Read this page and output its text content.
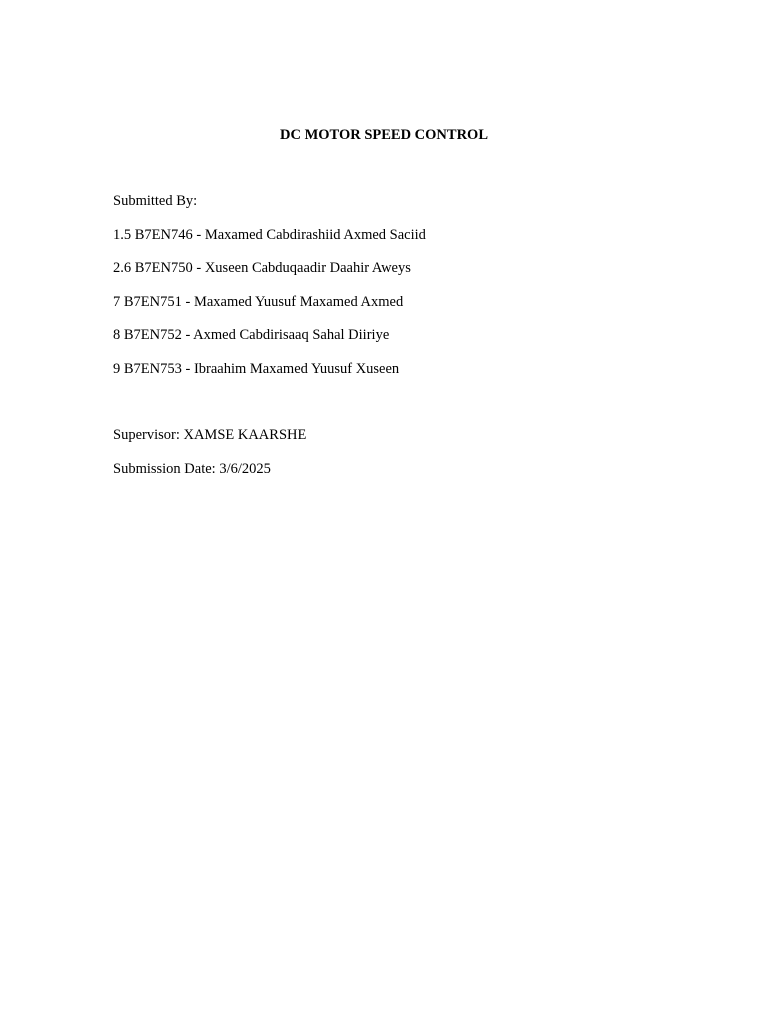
DC MOTOR SPEED CONTROL
Submitted By:
1.5 B7EN746 - Maxamed Cabdirashiid Axmed Saciid
2.6 B7EN750 - Xuseen Cabduqaadir Daahir Aweys
7 B7EN751 - Maxamed Yuusuf Maxamed Axmed
8 B7EN752 - Axmed Cabdirisaaq Sahal Diiriye
9 B7EN753 - Ibraahim Maxamed Yuusuf Xuseen
Supervisor: XAMSE KAARSHE
Submission Date: 3/6/2025
